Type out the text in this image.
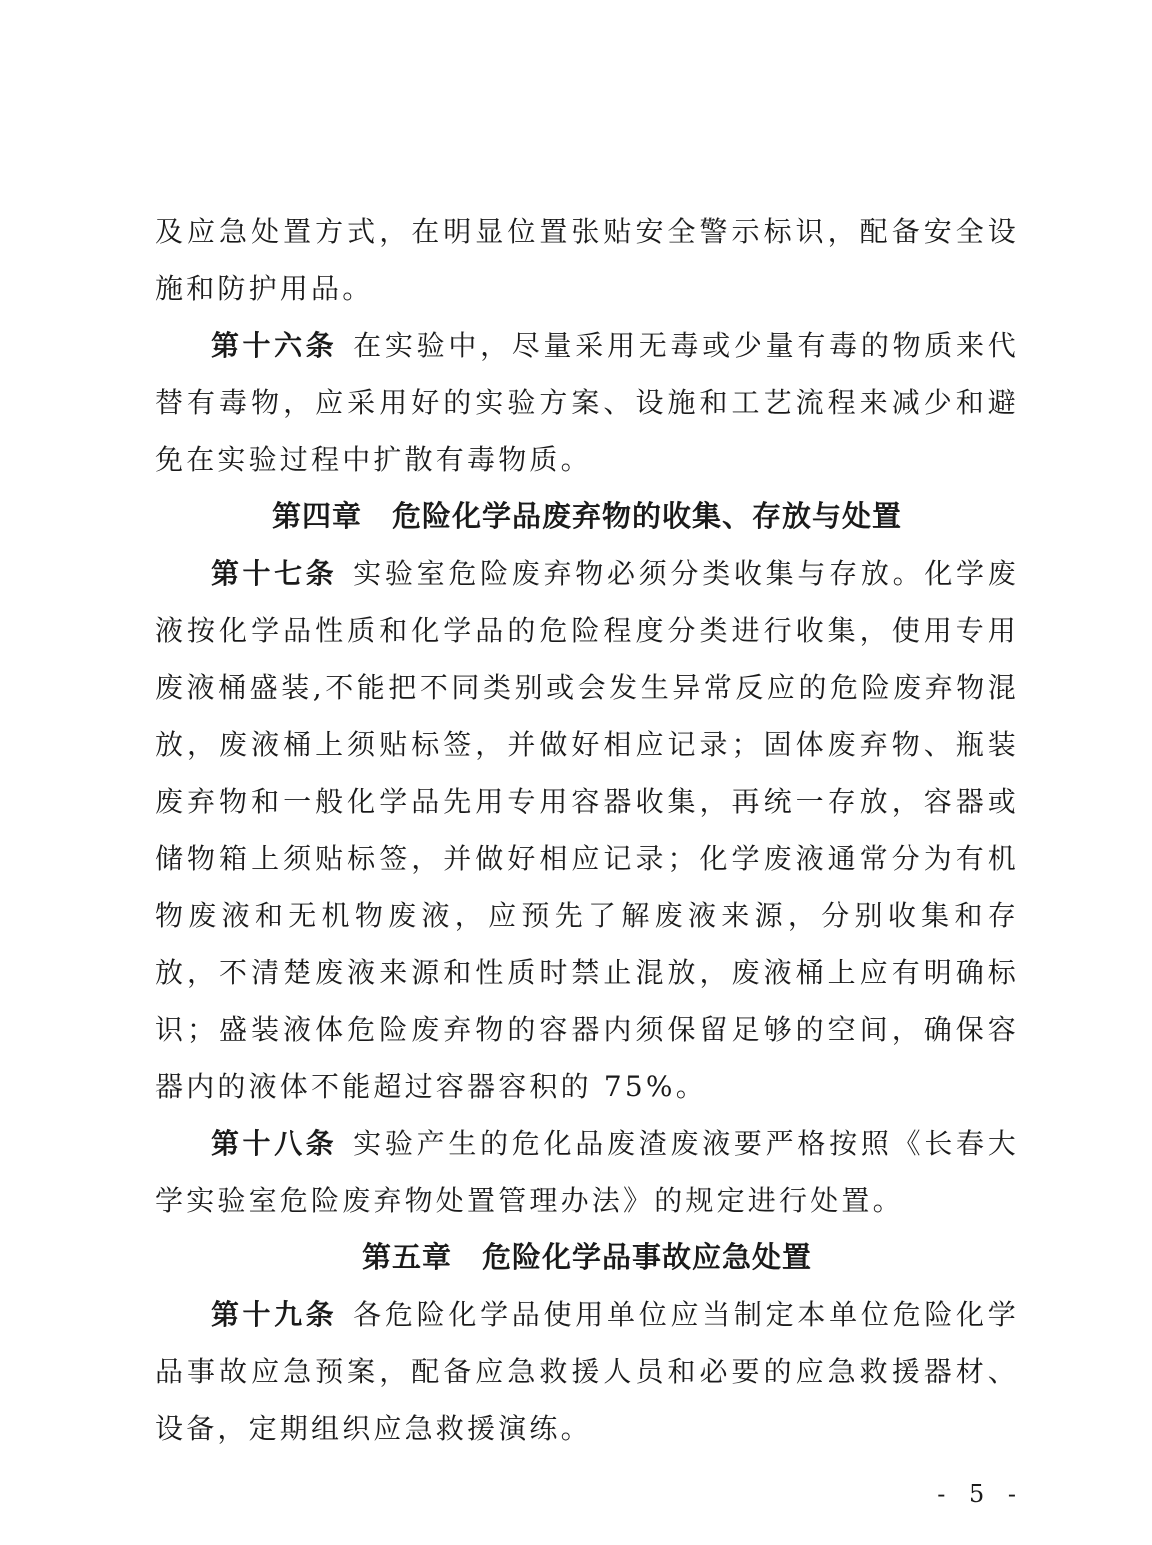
及应急处置方式，在明显位置张贴安全警示标识，配备安全设施和防护用品。

第十六条 在实验中，尽量采用无毒或少量有毒的物质来代替有毒物，应采用好的实验方案、设施和工艺流程来减少和避免在实验过程中扩散有毒物质。

第四章 危险化学品废弃物的收集、存放与处置

第十七条 实验室危险废弃物必须分类收集与存放。化学废液按化学品性质和化学品的危险程度分类进行收集，使用专用废液桶盛装,不能把不同类别或会发生异常反应的危险废弃物混放，废液桶上须贴标签，并做好相应记录；固体废弃物、瓶装废弃物和一般化学品先用专用容器收集，再统一存放，容器或储物箱上须贴标签，并做好相应记录；化学废液通常分为有机物废液和无机物废液，应预先了解废液来源，分别收集和存放，不清楚废液来源和性质时禁止混放，废液桶上应有明确标识；盛装液体危险废弃物的容器内须保留足够的空间，确保容器内的液体不能超过容器容积的 75%。

第十八条 实验产生的危化品废渣废液要严格按照《长春大学实验室危险废弃物处置管理办法》的规定进行处置。

第五章 危险化学品事故应急处置

第十九条 各危险化学品使用单位应当制定本单位危险化学品事故应急预案，配备应急救援人员和必要的应急救援器材、设备，定期组织应急救援演练。

- 5 -
